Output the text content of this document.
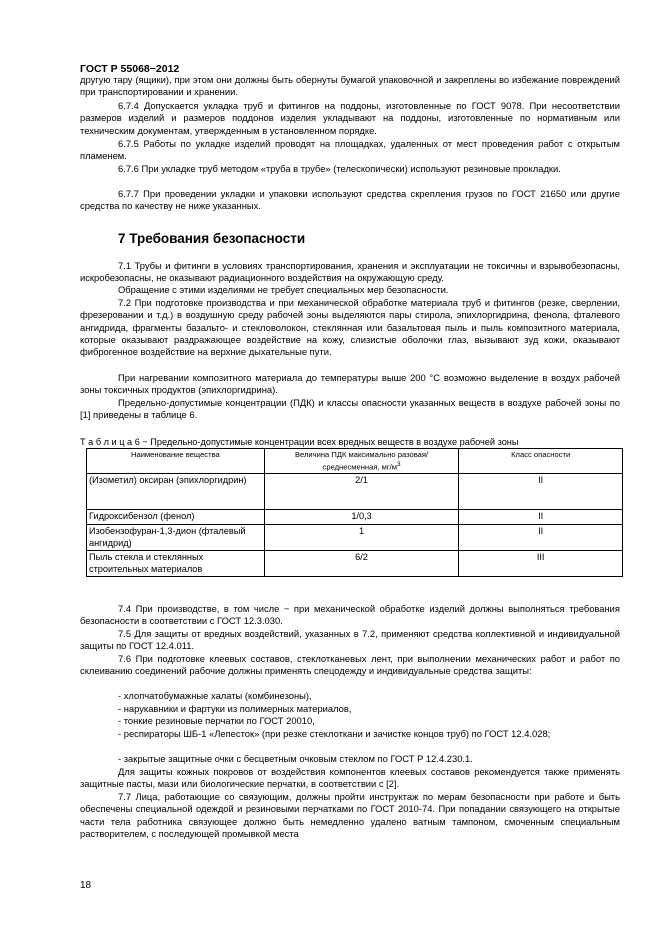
ГОСТ Р 55068−2012

другую тару (ящики), при этом они должны быть обернуты бумагой упаковочной и закреплены во избежание повреждений при транспортировании и хранении.

6.7.4 Допускается укладка труб и фитингов на поддоны, изготовленные по ГОСТ 9078. При несоответствии размеров изделий и размеров поддонов изделия укладывают на поддоны, изготовленные по нормативным или техническим документам, утвержденным в установленном порядке.

6.7.5 Работы по укладке изделий проводят на площадках, удаленных от мест проведения работ с открытым пламенем.

6.7.6 При укладке труб методом «труба в трубе» (телескопически) используют резиновые прокладки.

6.7.7 При проведении укладки и упаковки используют средства скрепления грузов по ГОСТ 21650 или другие средства по качеству не ниже указанных.

7 Требования безопасности

7.1 Трубы и фитинги в условиях транспортирования, хранения и эксплуатации не токсичны и взрывобезопасны, искробезопасны, не оказывают радиационного воздействия на окружающую среду.

Обращение с этими изделиями не требует специальных мер безопасности.

7.2 При подготовке производства и при механической обработке материала труб и фитингов (резке, сверлении, фрезеровании и т.д.) в воздушную среду рабочей зоны выделяются пары стирола, эпихлоргидрина, фенола, фталевого ангидрида, фрагменты базальто- и стекловолокон, стеклянная или базальтовая пыль и пыль композитного материала, которые оказывают раздражающее воздействие на кожу, слизистые оболочки глаз, вызывают зуд кожи, оказывают фиброгенное воздействие на верхние дыхательные пути.

При нагревании композитного материала до температуры выше 200 °С возможно выделение в воздух рабочей зоны токсичных продуктов (эпихлоргидрина).

Предельно-допустимые концентрации (ПДК) и классы опасности указанных веществ в воздухе рабочей зоны по [1] приведены в таблице 6.

Т а б л и ц а 6 − Предельно-допустимые концентрации всех вредных веществ в воздухе рабочей зоны
Наименование вещества	Величина ПДК максимально разовая/среднесменная, $мг/м^3$	Класс опасности
(Изометил) оксиран (эпихлоргидрин)	2/1	II
Гидроксибензол (фенол)	1/0,3	II
Изобензофуран-1,3-дион (фталевый ангидрид)	1	II
Пыль стекла и стеклянных строительных материалов	6/2	III

7.4 При производстве, в том числе − при механической обработке изделий должны выполняться требования безопасности в соответствии с ГОСТ 12.3.030.

7.5 Для защиты от вредных воздействий, указанных в 7.2, применяют средства коллективной и индивидуальной защиты по ГОСТ 12.4.011.

7.6 При подготовке клеевых составов, стеклотканевых лент, при выполнении механических работ и работ по склеиванию соединений рабочие должны применять спецодежду и индивидуальные средства защиты:

- хлопчатобумажные халаты (комбинезоны),

- нарукавники и фартуки из полимерных материалов,

- тонкие резиновые перчатки по ГОСТ 20010,

- респираторы ШБ-1 «Лепесток» (при резке стеклоткани и зачистке концов труб) по ГОСТ 12.4.028;

- закрытые защитные очки с бесцветным очковым стеклом по ГОСТ Р 12.4.230.1.

Для защиты кожных покровов от воздействия компонентов клеевых составов рекомендуется также применять защитные пасты, мази или биологические перчатки, в соответствии с [2].

7.7 Лица, работающие со связующим, должны пройти инструктаж по мерам безопасности при работе и быть обеспечены специальной одеждой и резиновыми перчатками по ГОСТ 2010-74. При попадании связующего на открытые части тела работника связующее должно быть немедленно удалено ватным тампоном, смоченным специальным растворителем, с последующей промывкой места

18
